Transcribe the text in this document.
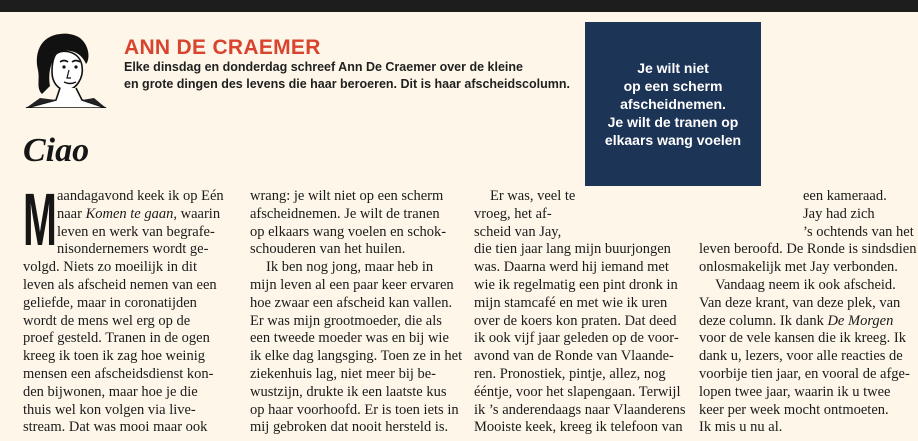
ANN DE CRAEMER

Elke dinsdag en donderdag schreef Ann De Craemer over de kleine
en grote dingen des levens die haar beroeren. Dit is haar afscheidscolumn.

Ciao

Je wilt niet
op een scherm
afscheidnemen.
Je wilt de tranen op
elkaars wang voelen

M aandagavond keek ik op Eén
naar Komen te gaan, waarin
leven en werk van begrafe-
nisondernemers wordt ge-
volgd. Niets zo moeilijk in dit
leven als afscheid nemen van een
geliefde, maar in coronatijden
wordt de mens wel erg op de
proef gesteld. Tranen in de ogen
kreeg ik toen ik zag hoe weinig
mensen een afscheidsdienst kon-
den bijwonen, maar hoe je die
thuis wel kon volgen via live-
stream. Dat was mooi maar ook

wrang: je wilt niet op een scherm
afscheidnemen. Je wilt de tranen
op elkaars wang voelen en schok-
schouderen van het huilen.

Ik ben nog jong, maar heb in
mijn leven al een paar keer ervaren
hoe zwaar een afscheid kan vallen.
Er was mijn grootmoeder, die als
een tweede moeder was en bij wie
ik elke dag langsging. Toen ze in het
ziekenhuis lag, niet meer bij be-
wustzijn, drukte ik een laatste kus
op haar voorhoofd. Er is toen iets in
mij gebroken dat nooit hersteld is.

Er was, veel te
vroeg, het af-
scheid van Jay,
die tien jaar lang mijn buurjongen
was. Daarna werd hij iemand met
wie ik regelmatig een pint dronk in
mijn stamcafé en met wie ik uren
over de koers kon praten. Dat deed
ik ook vijf jaar geleden op de voor-
avond van de Ronde van Vlaande-
ren. Pronostiek, pintje, allez, nog
ééntje, voor het slapengaan. Terwijl
ik ’s anderendaags naar Vlaanderens
Mooiste keek, kreeg ik telefoon van

een kameraad.
Jay had zich
’s ochtends van het
leven beroofd. De Ronde is sindsdien
onlosmakelijk met Jay verbonden.

Vandaag neem ik ook afscheid.
Van deze krant, van deze plek, van
deze column. Ik dank De Morgen
voor de vele kansen die ik kreeg. Ik
dank u, lezers, voor alle reacties de
voorbije tien jaar, en vooral de afge-
lopen twee jaar, waarin ik u twee
keer per week mocht ontmoeten.
Ik mis u nu al.
